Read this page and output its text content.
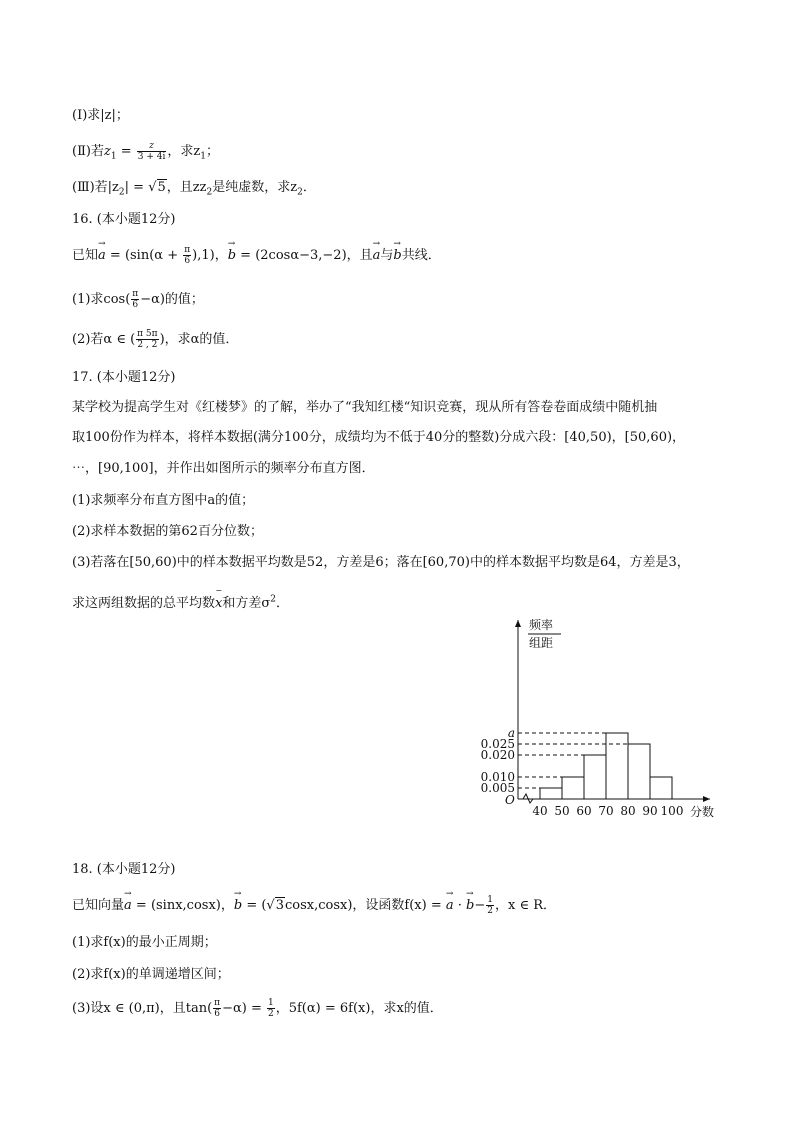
(Ⅰ)求|z|；
(Ⅱ)若$z_1 = \frac{z}{3 + 4i}$ ，求$z_1$；
(Ⅲ)若$|z_2| = √5$，且$zz_2$是纯虚数，求$z_2$．
16. (本小题12分)
已知→ $a = (\sin(\alpha + \frac{\pi}{6} ),1)$，→ b = (2cosα−3,−2)，且→ a与→ b共线．
(1)求$\cos( \frac{\pi}{6} -\alpha)$的值；
(2)若α ∈ ( $\frac{\pi 5\pi}{2 , 2}$ )，求α的值．
17. (本小题12分)
某学校为提高学生对《红楼梦》的了解，举办了“我知红楼“知识竞赛，现从所有答卷卷面成绩中随机抽
取100份作为样本，将样本数据(满分100分，成绩均为不低于40分的整数)分成六段：[40,50)，[50,60)，
⋯，[90,100]，并作出如图所示的频率分布直方图．
(1)求频率分布直方图中a的值；
(2)求样本数据的第62百分位数；
(3)若落在[50,60)中的样本数据平均数是52，方差是6；落在[60,70)中的样本数据平均数是64，方差是3，
求这两组数据的总平均数‒ x和方差$\sigma^2$．
频率
组距
分数
O
40 50 60 70 80 90 100
0.005
0.010
0.020
a
0.025
18. (本小题12分)
已知向量→ a = (sinx,cosx)，→ b = (√3cosx,cosx)，设函数f(x) = → a · → $b- \frac{1}{2}$ ，x ∈ R．
(1)求f(x)的最小正周期；
(2)求f(x)的单调递增区间；
(3)设x ∈ (0,π)，且$\tan( \frac{\pi}{6} -\alpha) = \frac{1}{2}$ ，5f(α) = 6f(x)，求x的值．
